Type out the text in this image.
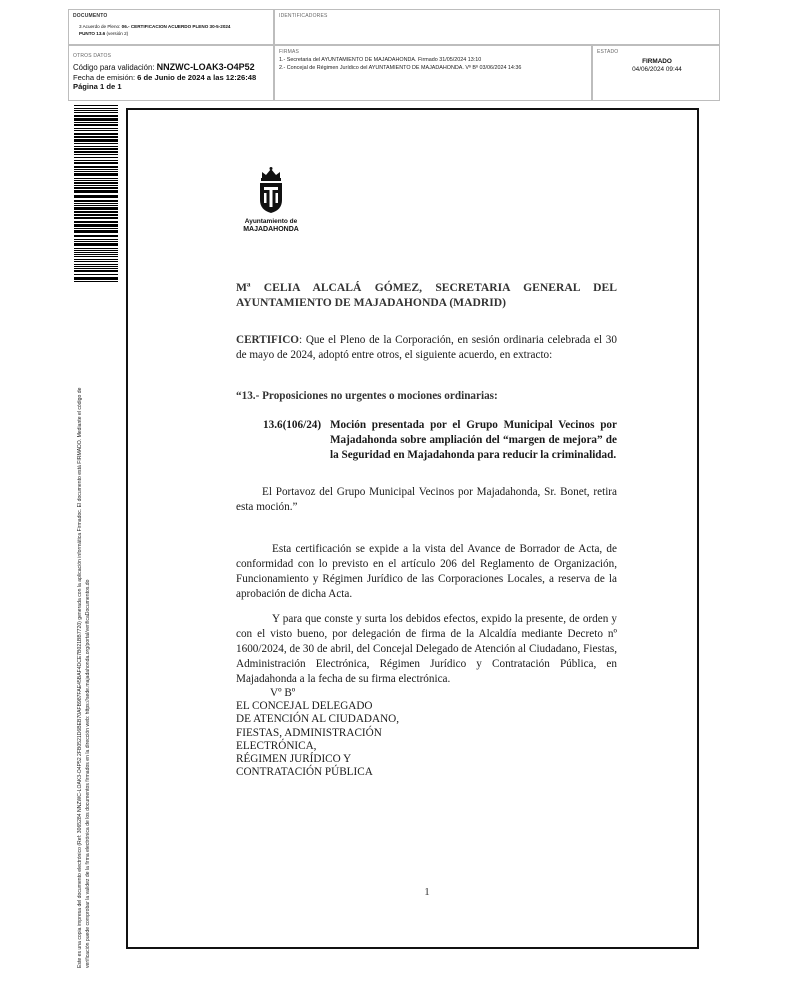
DOCUMENTO
3 Acuerdo de Pleno: 06.- CERTIFICACION ACUERDO PLENO 30-5-2024
PUNTO 13.6 (versión 2)
IDENTIFICADORES
OTROS DATOS
Código para validación: NNZWC-LOAK3-O4P52
Fecha de emisión: 6 de Junio de 2024 a las 12:26:48
Página 1 de 1
FIRMAS
1.- Secretaria del AYUNTAMIENTO DE MAJADAHONDA. Firmado 31/05/2024 13:10
2.- Concejal de Régimen Jurídico del AYUNTAMIENTO DE MAJADAHONDA. Vº Bº 03/06/2024 14:36
ESTADO
FIRMADO
04/06/2024 09:44
Este es una copia impresa del documento electrónico (Ref: 3065284 NNZWC-LOAK3-O4P52 2FB0521D6BEB70AFB987FAE45BAF4DCE7B021BB7720) generada con la aplicación informática Firmadoc. El documento está FIRMADO. Mediante el código de verificación puede comprobar la validez de la firma electrónica de los documentos firmados en la dirección web: https://sede.majadahonda.org/portal/verificaDocumentos.do
Ayuntamiento de
MAJADAHONDA
Mª CELIA ALCALÁ GÓMEZ, SECRETARIA GENERAL DEL AYUNTAMIENTO DE MAJADAHONDA (MADRID)
CERTIFICO: Que el Pleno de la Corporación, en sesión ordinaria celebrada el 30 de mayo de 2024, adoptó entre otros, el siguiente acuerdo, en extracto:
“13.- Proposiciones no urgentes o mociones ordinarias:
13.6(106/24) Moción presentada por el Grupo Municipal Vecinos por Majadahonda sobre ampliación del “margen de mejora” de la Seguridad en Majadahonda para reducir la criminalidad.
El Portavoz del Grupo Municipal Vecinos por Majadahonda, Sr. Bonet, retira esta moción.”
Esta certificación se expide a la vista del Avance de Borrador de Acta, de conformidad con lo previsto en el artículo 206 del Reglamento de Organización, Funcionamiento y Régimen Jurídico de las Corporaciones Locales, a reserva de la aprobación de dicha Acta.
Y para que conste y surta los debidos efectos, expido la presente, de orden y con el visto bueno, por delegación de firma de la Alcaldía mediante Decreto nº 1600/2024, de 30 de abril, del Concejal Delegado de Atención al Ciudadano, Fiestas, Administración Electrónica, Régimen Jurídico y Contratación Pública, en Majadahonda a la fecha de su firma electrónica.
Vº Bº
EL CONCEJAL DELEGADO
DE ATENCIÓN AL CIUDADANO,
FIESTAS, ADMINISTRACIÓN
ELECTRÓNICA,
RÉGIMEN JURÍDICO Y
CONTRATACIÓN PÚBLICA
1
